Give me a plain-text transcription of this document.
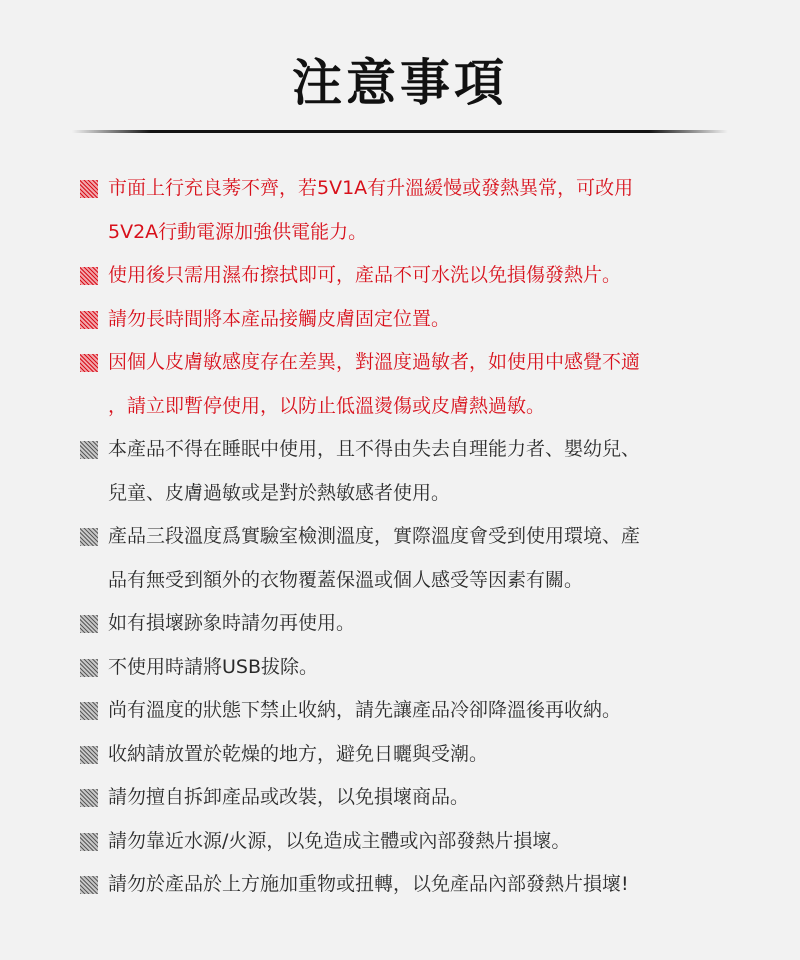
注意事項
市面上行充良莠不齊，若5V1A有升溫緩慢或發熱異常，可改用
5V2A行動電源加強供電能力。
使用後只需用濕布擦拭即可，產品不可水洗以免損傷發熱片。
請勿長時間將本產品接觸皮膚固定位置。
因個人皮膚敏感度存在差異，對溫度過敏者，如使用中感覺不適
，請立即暫停使用，以防止低溫燙傷或皮膚熱過敏。
本產品不得在睡眠中使用，且不得由失去自理能力者、嬰幼兒、
兒童、皮膚過敏或是對於熱敏感者使用。
產品三段溫度爲實驗室檢測溫度，實際溫度會受到使用環境、產
品有無受到額外的衣物覆蓋保溫或個人感受等因素有關。
如有損壞跡象時請勿再使用。
不使用時請將USB拔除。
尚有溫度的狀態下禁止收納，請先讓產品冷卻降溫後再收納。
收納請放置於乾燥的地方，避免日曬與受潮。
請勿擅自拆卸產品或改裝，以免損壞商品。
請勿靠近水源/火源，以免造成主體或內部發熱片損壞。
請勿於產品於上方施加重物或扭轉，以免產品內部發熱片損壞!
